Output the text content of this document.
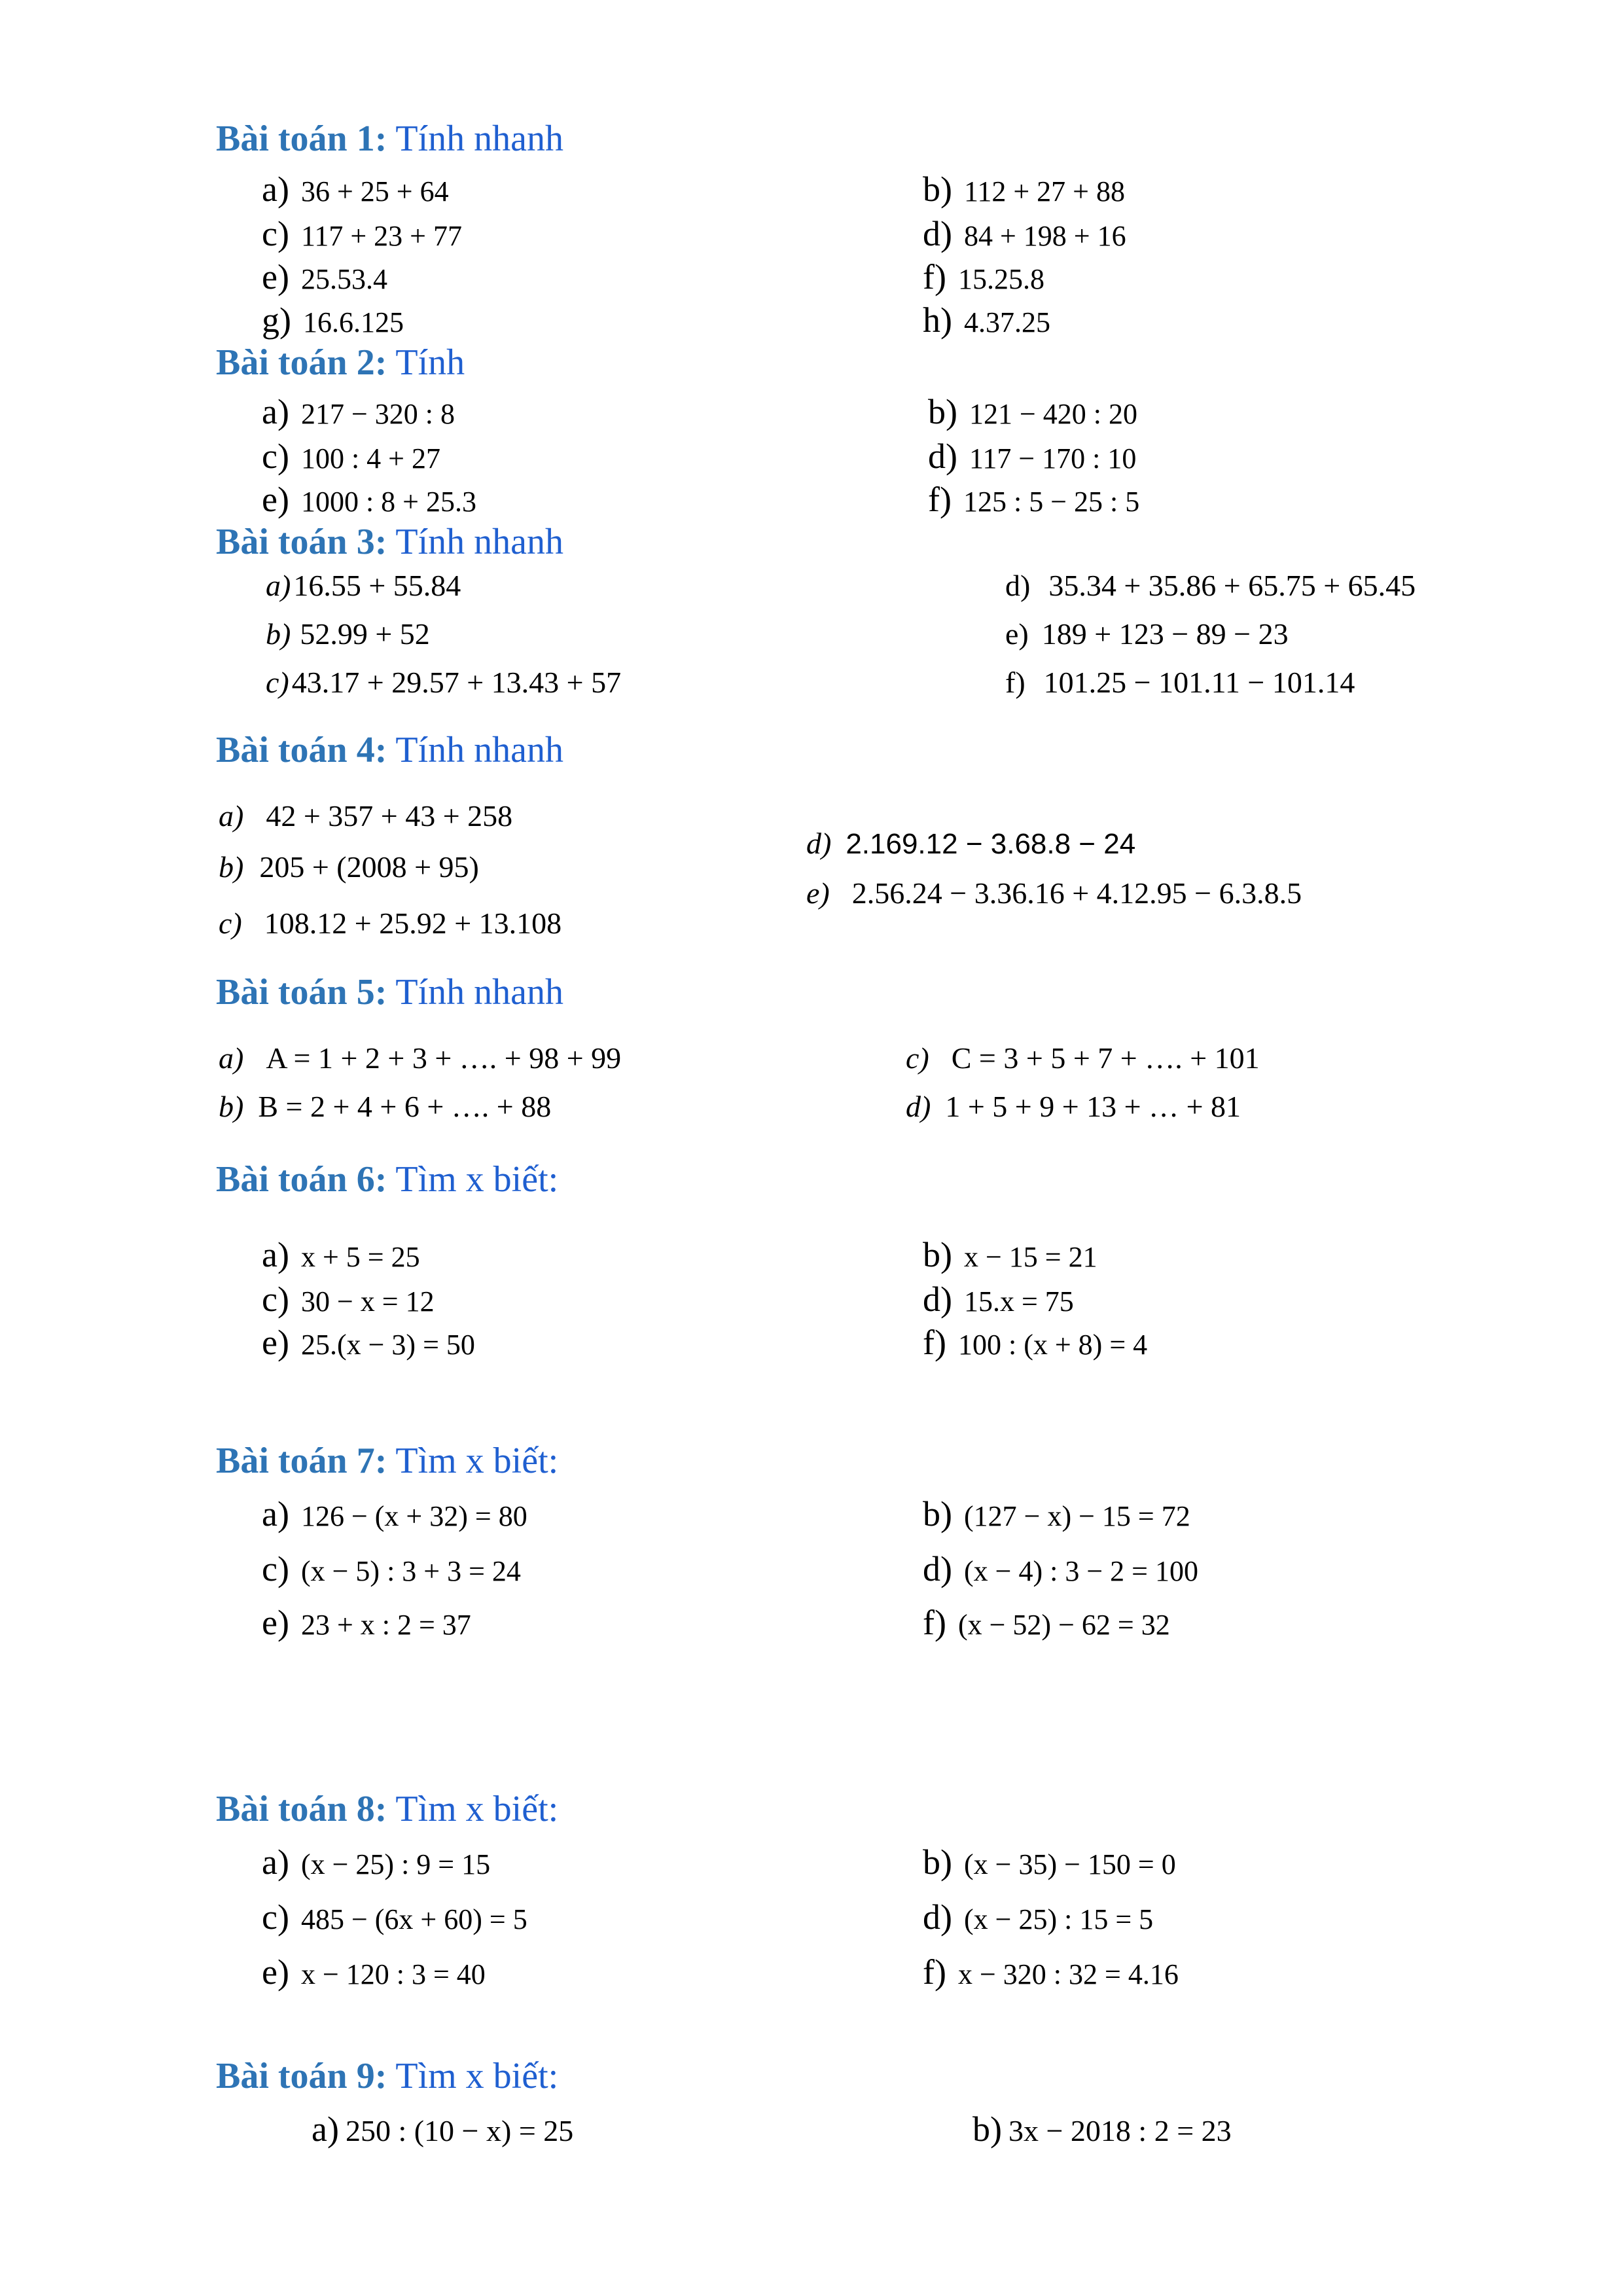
Bài toán 1: Tính nhanh
a) 36 + 25 + 64	b) 112 + 27 + 88
c) 117 + 23 + 77	d) 84 + 198 + 16
e) 25.53.4	f) 15.25.8
g) 16.6.125	h) 4.37.25
Bài toán 2: Tính
a) 217 − 320 : 8	b) 121 − 420 : 20
c) 100 : 4 + 27	d) 117 − 170 : 10
e) 1000 : 8 + 25.3	f) 125 : 5 − 25 : 5
Bài toán 3: Tính nhanh
a)16.55 + 55.84
b) 52.99 + 52
c)43.17 + 29.57 + 13.43 + 57
d) 35.34 + 35.86 + 65.75 + 65.45
e) 189 + 123 − 89 − 23
f) 101.25 − 101.11 − 101.14
Bài toán 4: Tính nhanh
a) 42 + 357 + 43 + 258
b) 205 + (2008 + 95)
c) 108.12 + 25.92 + 13.108
d) 2.169.12 − 3.68.8 − 24
e) 2.56.24 − 3.36.16 + 4.12.95 − 6.3.8.5
Bài toán 5: Tính nhanh
a) A = 1 + 2 + 3 + …. + 98 + 99
b) B = 2 + 4 + 6 + …. + 88
c) C = 3 + 5 + 7 + …. + 101
d) 1 + 5 + 9 + 13 + … + 81
Bài toán 6: Tìm x biết:
a) x + 5 = 25	b) x − 15 = 21
c) 30 − x = 12	d) 15.x = 75
e) 25.(x − 3) = 50	f) 100 : (x + 8) = 4
Bài toán 7: Tìm x biết:
a) 126 − (x + 32) = 80	b) (127 − x) − 15 = 72
c) (x − 5) : 3 + 3 = 24	d) (x − 4) : 3 − 2 = 100
e) 23 + x : 2 = 37	f) (x − 52) − 62 = 32
Bài toán 8: Tìm x biết:
a) (x − 25) : 9 = 15	b) (x − 35) − 150 = 0
c) 485 − (6x + 60) = 5	d) (x − 25) : 15 = 5
e) x − 120 : 3 = 40	f) x − 320 : 32 = 4.16
Bài toán 9: Tìm x biết:
a) 250 : (10 − x) = 25	b) 3x − 2018 : 2 = 23
